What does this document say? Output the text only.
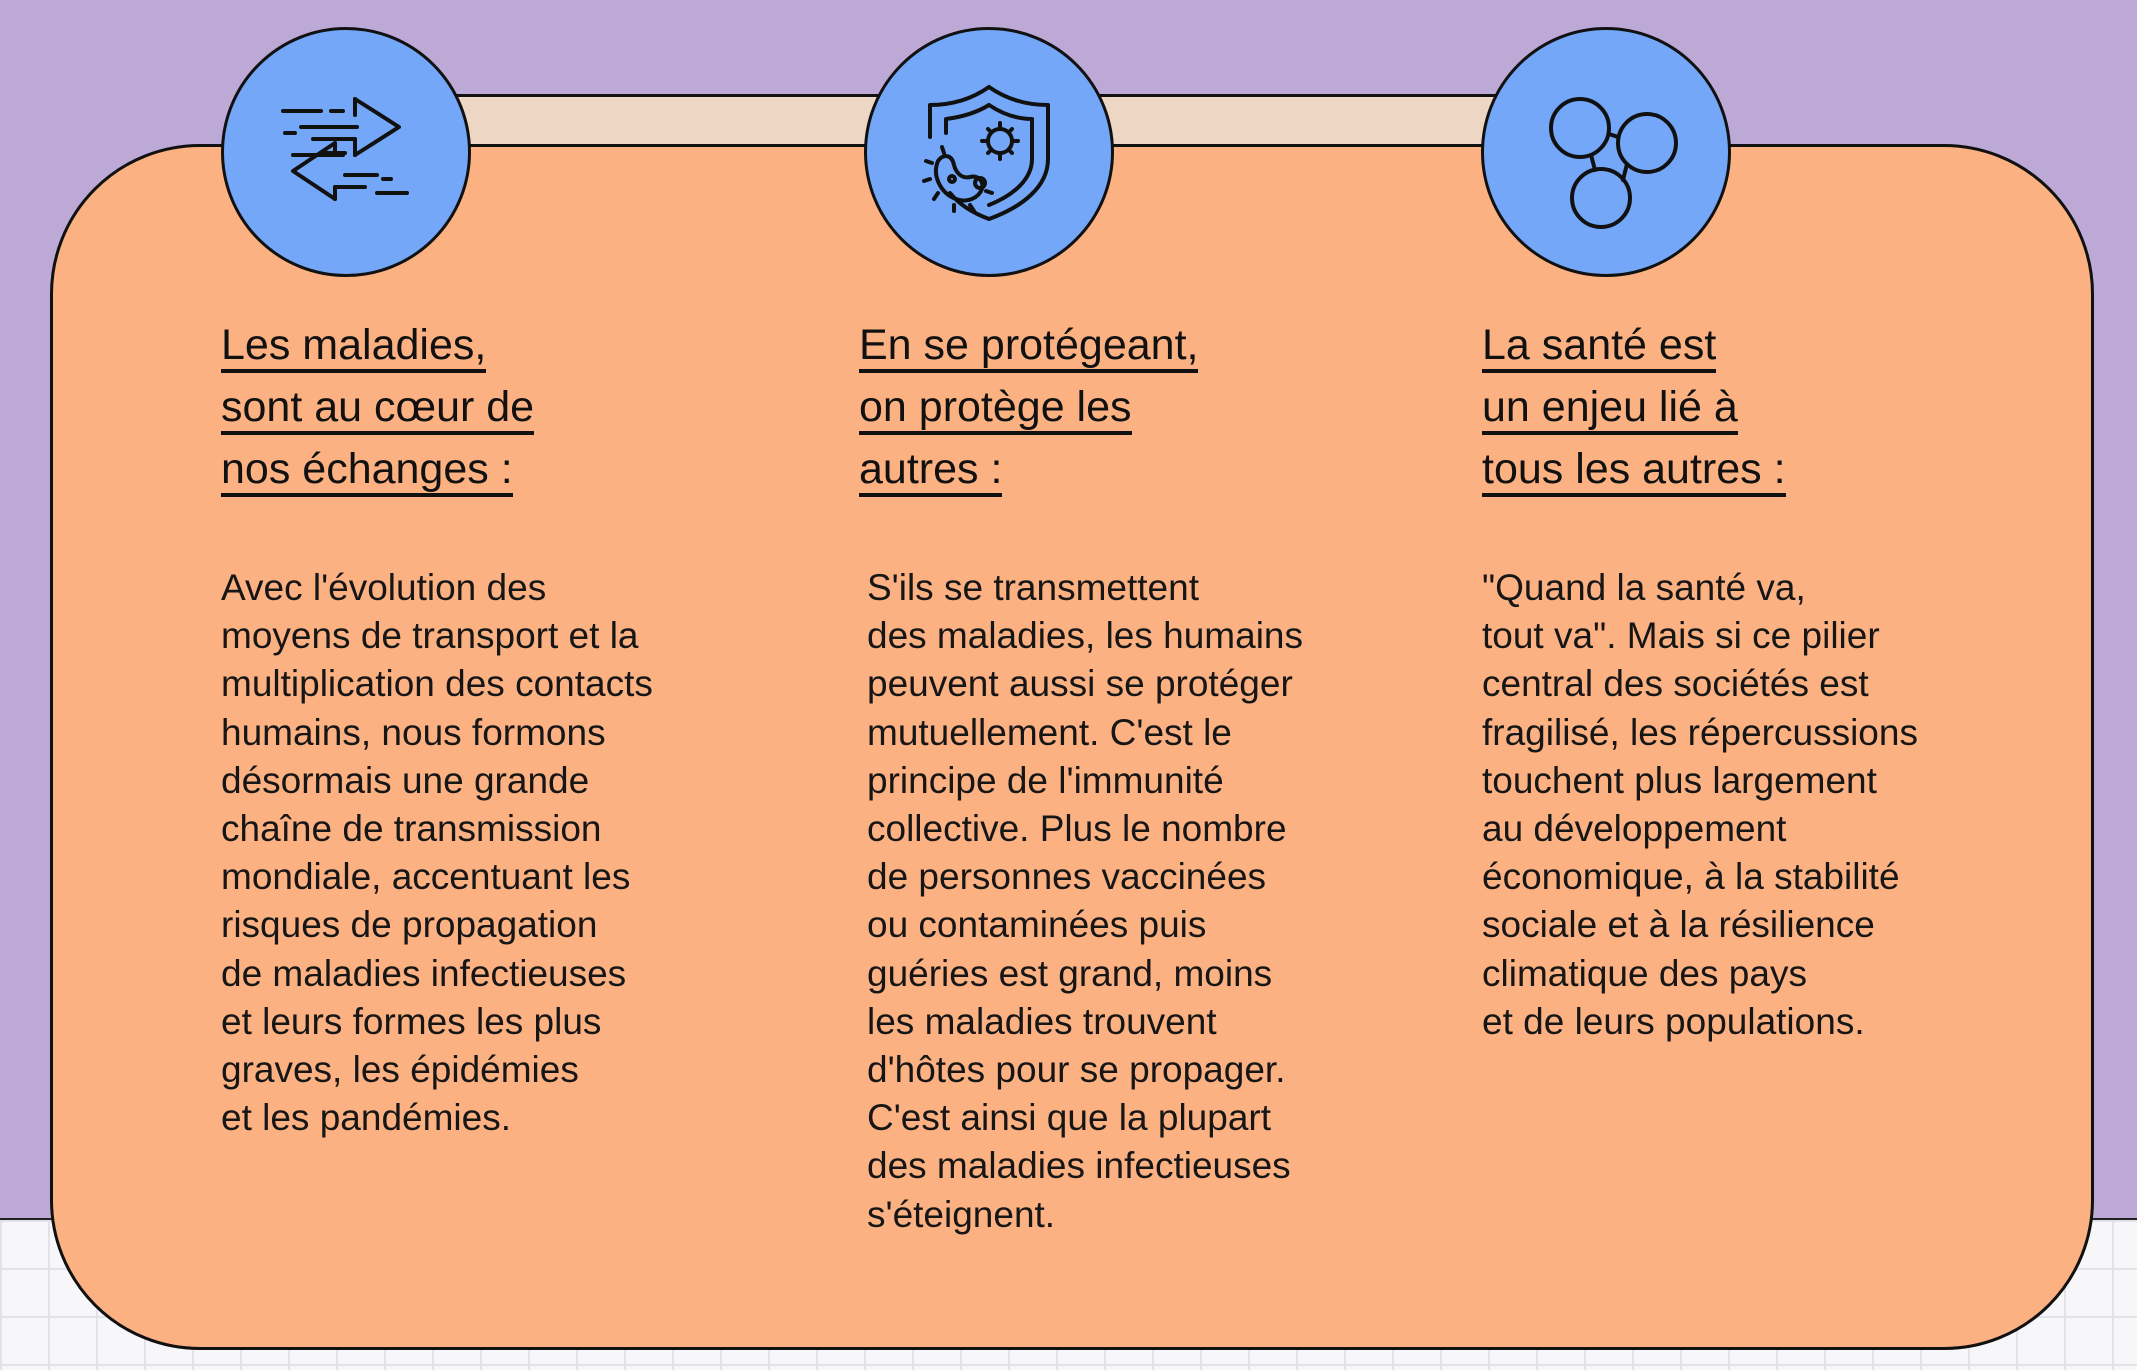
Les maladies,
sont au cœur de
nos échanges :
Avec l'évolution des
moyens de transport et la
multiplication des contacts
humains, nous formons
désormais une grande
chaîne de transmission
mondiale, accentuant les
risques de propagation
de maladies infectieuses
et leurs formes les plus
graves, les épidémies
et les pandémies.
En se protégeant,
on protège les
autres :
S'ils se transmettent
des maladies, les humains
peuvent aussi se protéger
mutuellement. C'est le
principe de l'immunité
collective. Plus le nombre
de personnes vaccinées
ou contaminées puis
guéries est grand, moins
les maladies trouvent
d'hôtes pour se propager.
C'est ainsi que la plupart
des maladies infectieuses
s'éteignent.
La santé est
un enjeu lié à
tous les autres :
"Quand la santé va,
tout va". Mais si ce pilier
central des sociétés est
fragilisé, les répercussions
touchent plus largement
au développement
économique, à la stabilité
sociale et à la résilience
climatique des pays
et de leurs populations.
